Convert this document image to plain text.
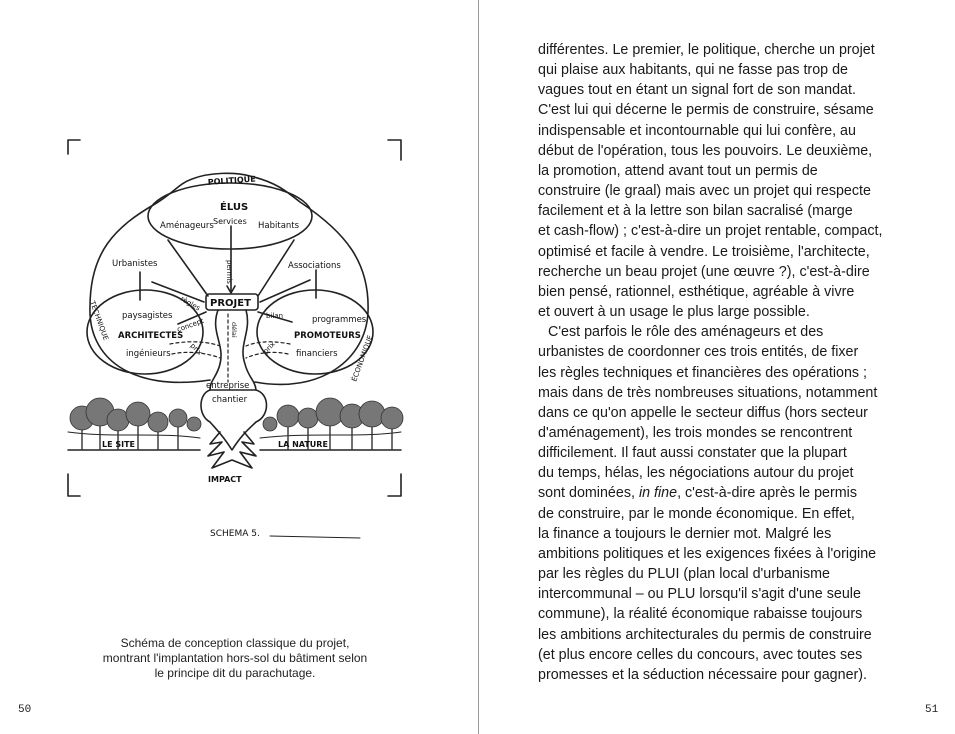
POLITIQUE
ÉLUS
Services
Aménageurs	Habitants
Urbanistes	Associations
PROJET
paysagistes
ARCHITECTES
ingénieurs
programmes
PROMOTEURS
financiers
TECHNIQUE
ÉCONOMIQUE
entreprise
chantier
LE SITE	LA NATURE
IMPACT
SCHEMA 5.
règles
permis
bilan
concept	délai
prix	prix
Schéma de conception classique du projet,
montrant l'implantation hors-sol du bâtiment selon
le principe dit du parachutage.
50
différentes. Le premier, le politique, cherche un projet
qui plaise aux habitants, qui ne fasse pas trop de
vagues tout en étant un signal fort de son mandat.
C'est lui qui décerne le permis de construire, sésame
indispensable et incontournable qui lui confère, au
début de l'opération, tous les pouvoirs. Le deuxième,
la promotion, attend avant tout un permis de
construire (le graal) mais avec un projet qui respecte
facilement et à la lettre son bilan sacralisé (marge
et cash-flow) ; c'est-à-dire un projet rentable, compact,
optimisé et facile à vendre. Le troisième, l'architecte,
recherche un beau projet (une œuvre ?), c'est-à-dire
bien pensé, rationnel, esthétique, agréable à vivre
et ouvert à un usage le plus large possible.
C'est parfois le rôle des aménageurs et des
urbanistes de coordonner ces trois entités, de fixer
les règles techniques et financières des opérations ;
mais dans de très nombreuses situations, notamment
dans ce qu'on appelle le secteur diffus (hors secteur
d'aménagement), les trois mondes se rencontrent
difficilement. Il faut aussi constater que la plupart
du temps, hélas, les négociations autour du projet
sont dominées, in fine, c'est-à-dire après le permis
de construire, par le monde économique. En effet,
la finance a toujours le dernier mot. Malgré les
ambitions politiques et les exigences fixées à l'origine
par les règles du PLUI (plan local d'urbanisme
intercommunal – ou PLU lorsqu'il s'agit d'une seule
commune), la réalité économique rabaisse toujours
les ambitions architecturales du permis de construire
(et plus encore celles du concours, avec toutes ses
promesses et la séduction nécessaire pour gagner).
51
